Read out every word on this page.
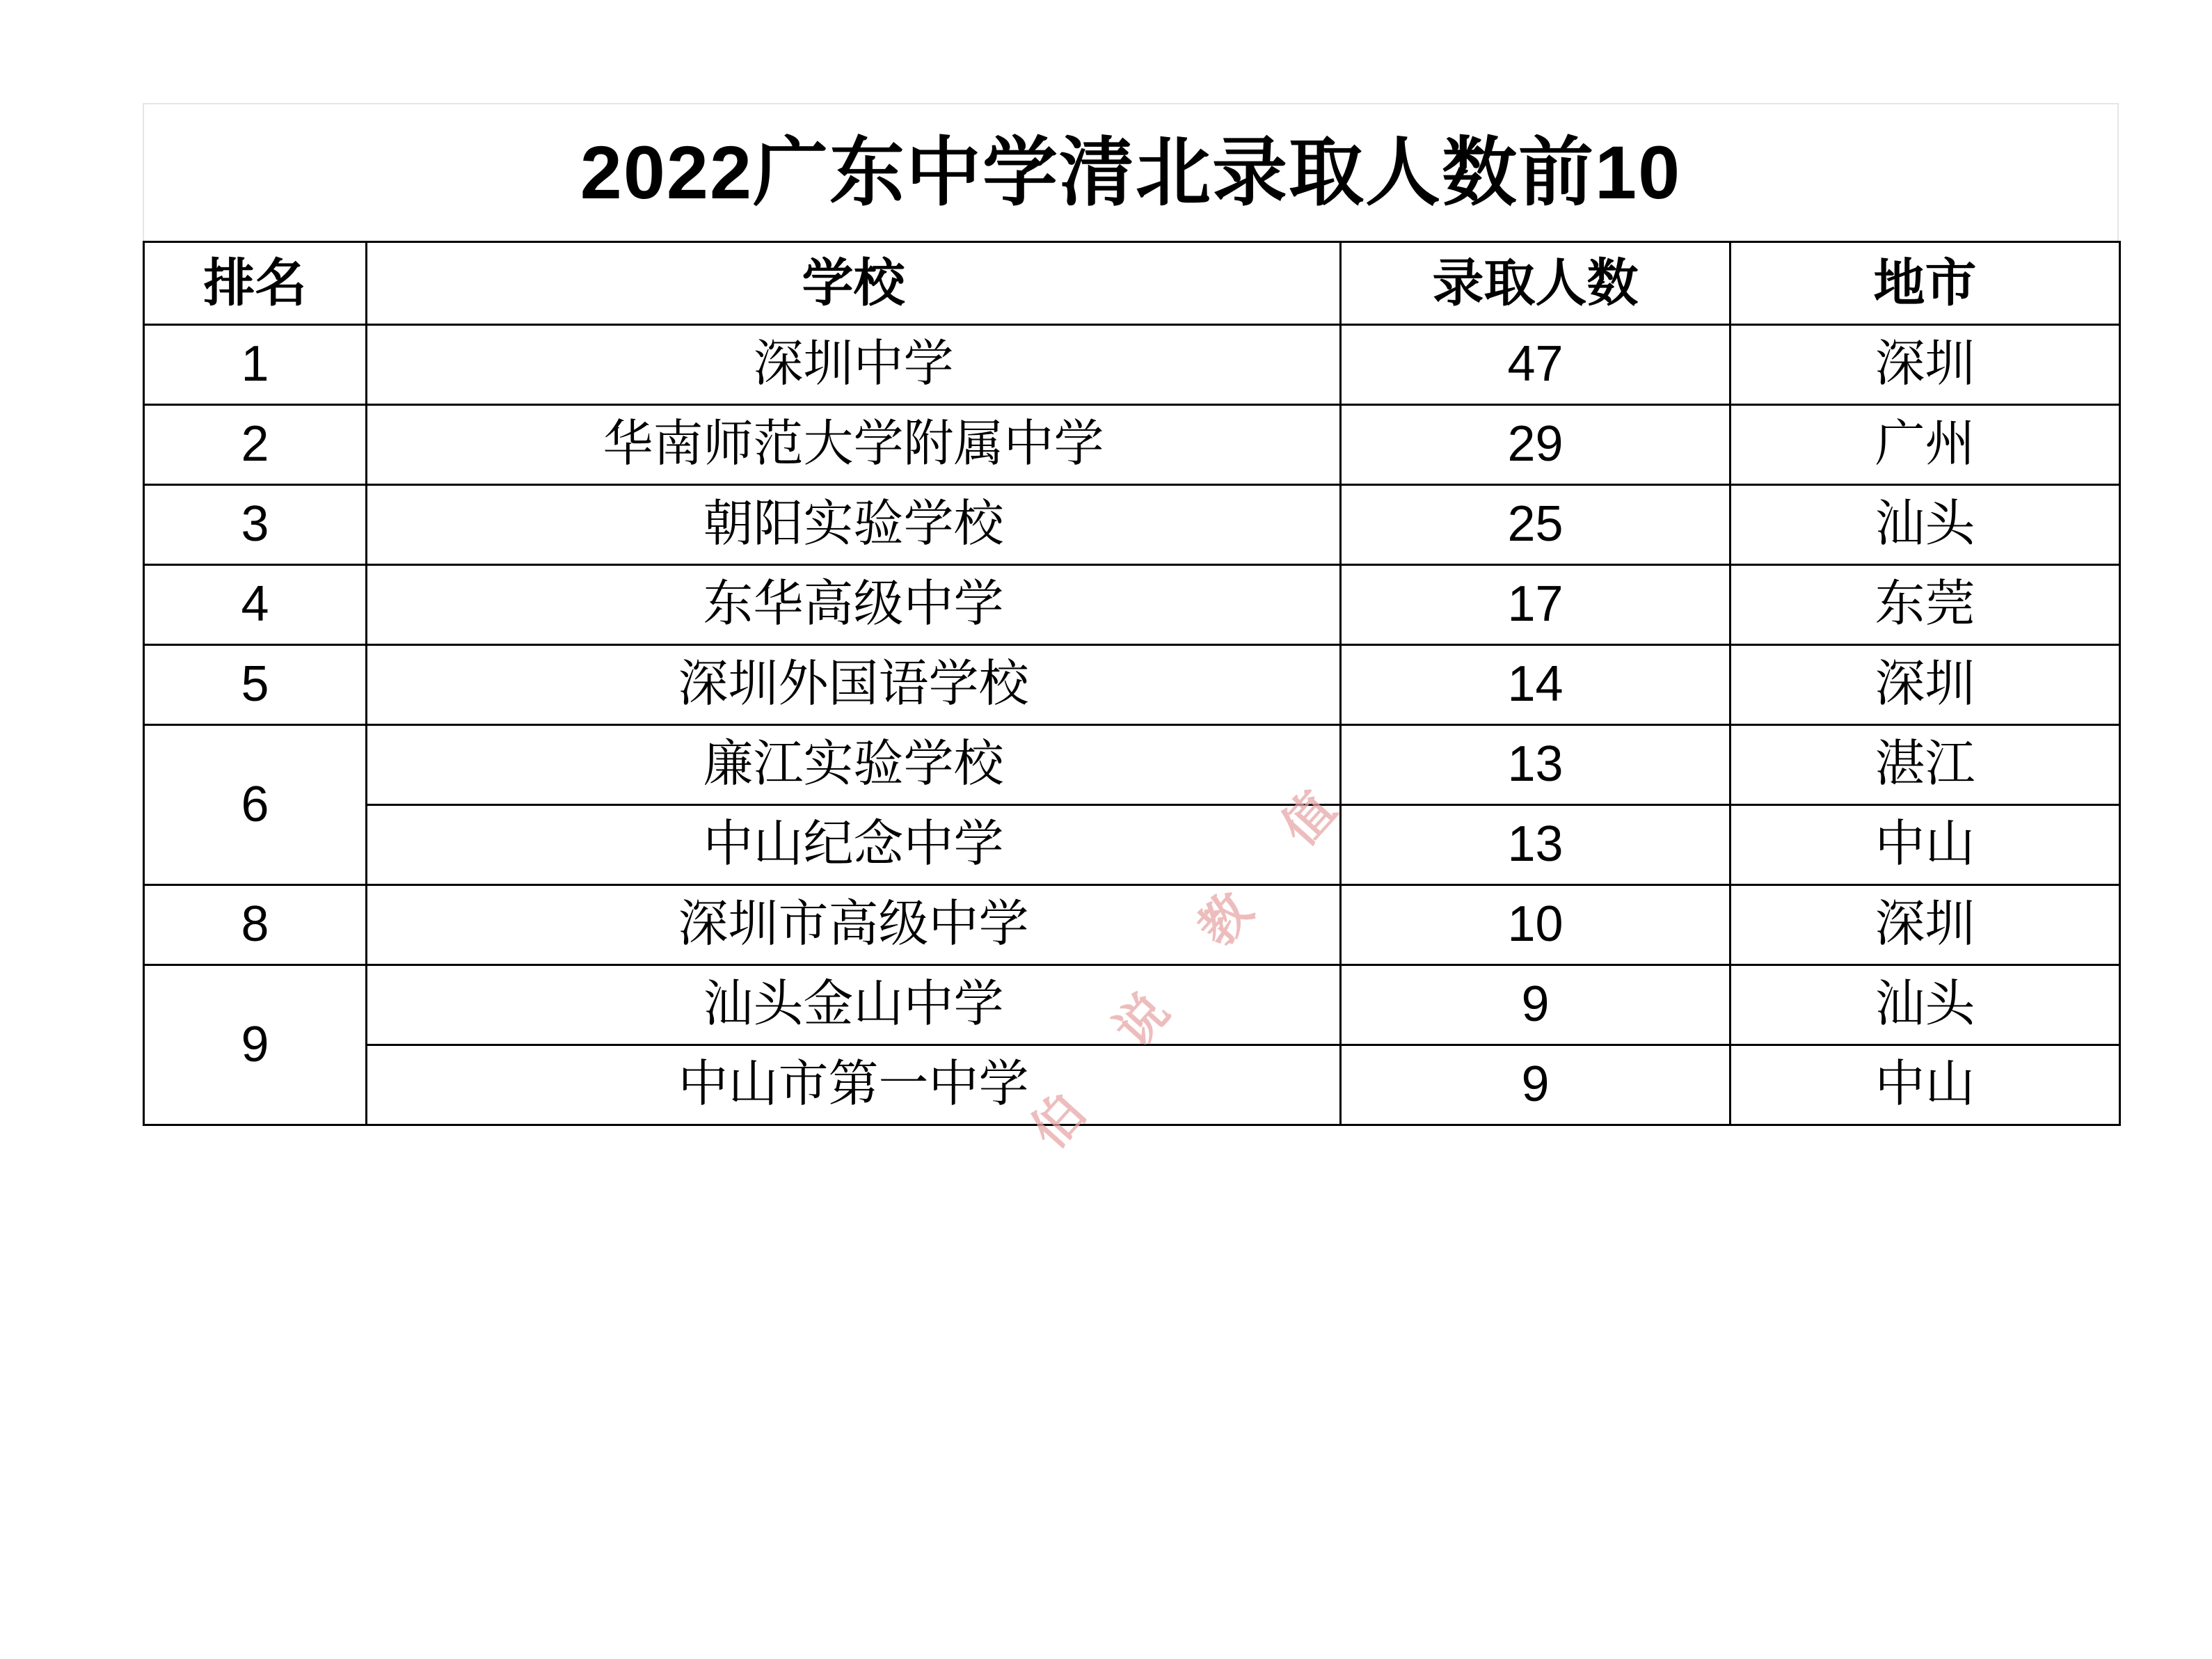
2022广东中学清北录取人数前10
排名	学校	录取人数	地市
1	深圳中学	47	深圳
2	华南师范大学附属中学	29	广州
3	朝阳实验学校	25	汕头
4	东华高级中学	17	东莞
5	深圳外国语学校	14	深圳
6	廉江实验学校	13	湛江
	中山纪念中学	13	中山
8	深圳市高级中学	10	深圳
9	汕头金山中学	9	汕头
	中山市第一中学	9	中山
值
教
说
伯
